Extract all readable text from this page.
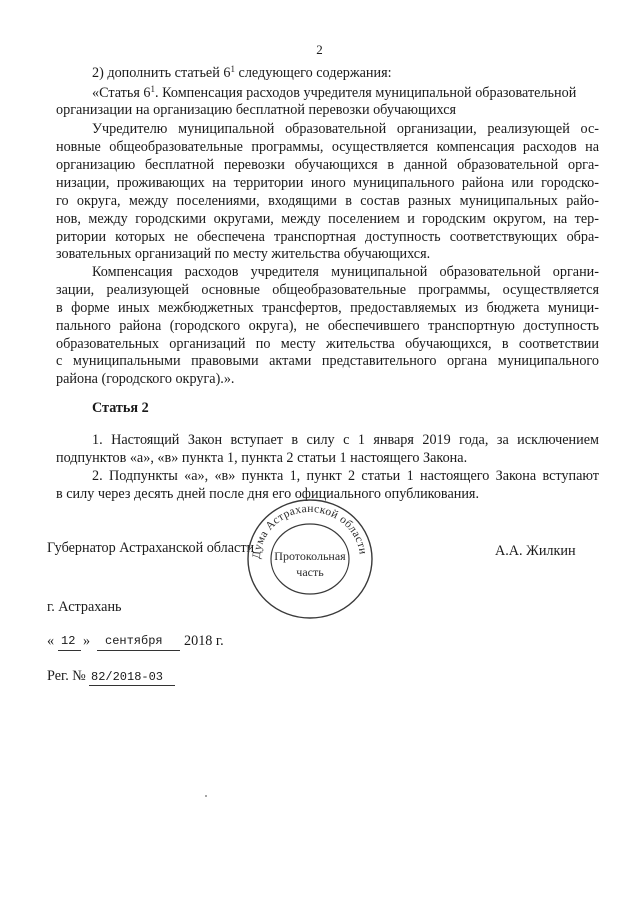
2
2) дополнить статьей $6^1$ следующего содержания:
«Статья $6^1$. Компенсация расходов учредителя муниципальной образовательной
организации на организацию бесплатной перевозки обучающихся
Учредителю муниципальной образовательной организации, реализующей ос-
новные общеобразовательные программы, осуществляется компенсация расходов на
организацию бесплатной перевозки обучающихся в данной образовательной орга-
низации, проживающих на территории иного муниципального района или городско-
го округа, между поселениями, входящими в состав разных муниципальных райо-
нов, между городскими округами, между поселением и городским округом, на тер-
ритории которых не обеспечена транспортная доступность соответствующих обра-
зовательных организаций по месту жительства обучающихся.
Компенсация расходов учредителя муниципальной образовательной органи-
зации, реализующей основные общеобразовательные программы, осуществляется
в форме иных межбюджетных трансфертов, предоставляемых из бюджета муници-
пального района (городского округа), не обеспечившего транспортную доступность
образовательных организаций по месту жительства обучающихся, в соответствии
с муниципальными правовыми актами представительного органа муниципального
района (городского округа).».
Статья 2
1. Настоящий Закон вступает в силу с 1 января 2019 года, за исключением
подпунктов «а», «в» пункта 1, пункта 2 статьи 1 настоящего Закона.
2. Подпункты «а», «в» пункта 1, пункт 2 статьи 1 настоящего Закона вступают
в силу через десять дней после дня его официального опубликования.
Губернатор Астраханской области	А.А. Жилкин
Дума Астраханской области
Протокольная
часть
г. Астрахань
« 12 » сентября 2018 г.
Рег. № 82/2018-03
